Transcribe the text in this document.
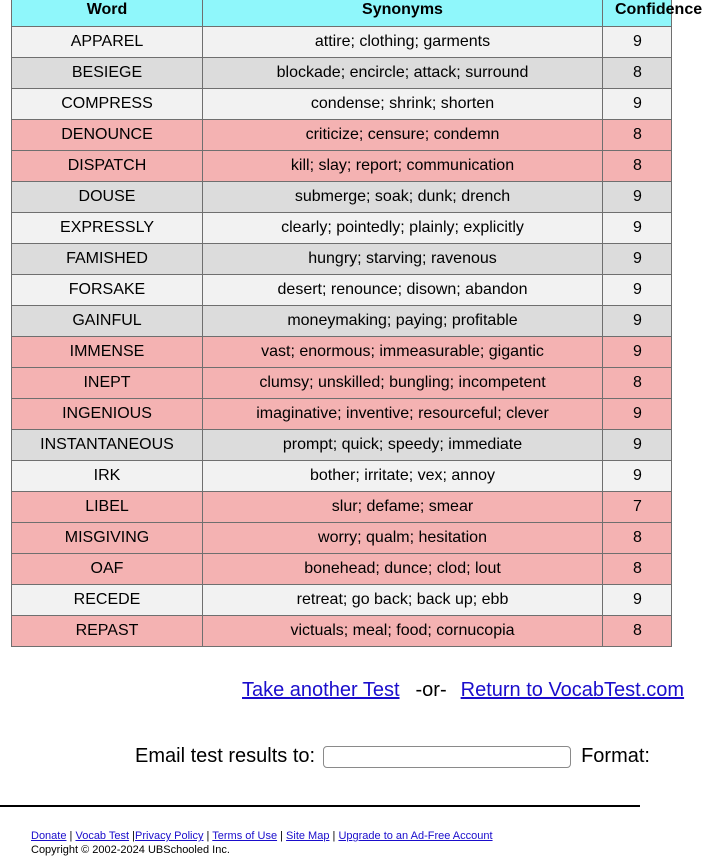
Word	Synonyms	Confidence
APPAREL	attire; clothing; garments	9
BESIEGE	blockade; encircle; attack; surround	8
COMPRESS	condense; shrink; shorten	9
DENOUNCE	criticize; censure; condemn	8
DISPATCH	kill; slay; report; communication	8
DOUSE	submerge; soak; dunk; drench	9
EXPRESSLY	clearly; pointedly; plainly; explicitly	9
FAMISHED	hungry; starving; ravenous	9
FORSAKE	desert; renounce; disown; abandon	9
GAINFUL	moneymaking; paying; profitable	9
IMMENSE	vast; enormous; immeasurable; gigantic	9
INEPT	clumsy; unskilled; bungling; incompetent	8
INGENIOUS	imaginative; inventive; resourceful; clever	9
INSTANTANEOUS	prompt; quick; speedy; immediate	9
IRK	bother; irritate; vex; annoy	9
LIBEL	slur; defame; smear	7
MISGIVING	worry; qualm; hesitation	8
OAF	bonehead; dunce; clod; lout	8
RECEDE	retreat; go back; back up; ebb	9
REPAST	victuals; meal; food; cornucopia	8
Take another Test -or- Return to VocabTest.com
Email test results to:	Format:
Donate | Vocab Test |Privacy Policy | Terms of Use | Site Map | Upgrade to an Ad-Free Account
Copyright © 2002-2024 UBSchooled Inc.
